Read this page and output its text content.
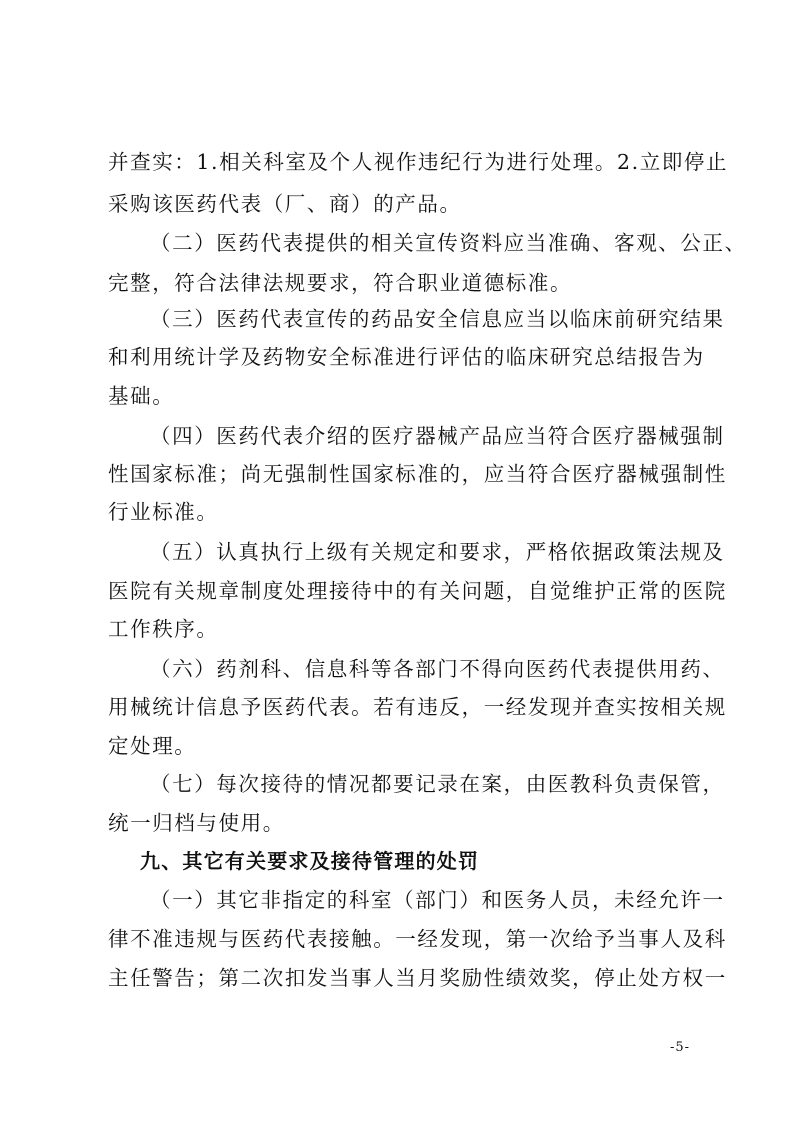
并查实：1.相关科室及个人视作违纪行为进行处理。2.立即停止
采购该医药代表（厂、商）的产品。
（二）医药代表提供的相关宣传资料应当准确、客观、公正、
完整，符合法律法规要求，符合职业道德标准。
（三）医药代表宣传的药品安全信息应当以临床前研究结果
和利用统计学及药物安全标准进行评估的临床研究总结报告为
基础。
（四）医药代表介绍的医疗器械产品应当符合医疗器械强制
性国家标准；尚无强制性国家标准的，应当符合医疗器械强制性
行业标准。
（五）认真执行上级有关规定和要求，严格依据政策法规及
医院有关规章制度处理接待中的有关问题，自觉维护正常的医院
工作秩序。
（六）药剂科、信息科等各部门不得向医药代表提供用药、
用械统计信息予医药代表。若有违反，一经发现并查实按相关规
定处理。
（七）每次接待的情况都要记录在案，由医教科负责保管，
统一归档与使用。
九、其它有关要求及接待管理的处罚
（一）其它非指定的科室（部门）和医务人员，未经允许一
律不准违规与医药代表接触。一经发现，第一次给予当事人及科
主任警告；第二次扣发当事人当月奖励性绩效奖，停止处方权一
-5-
